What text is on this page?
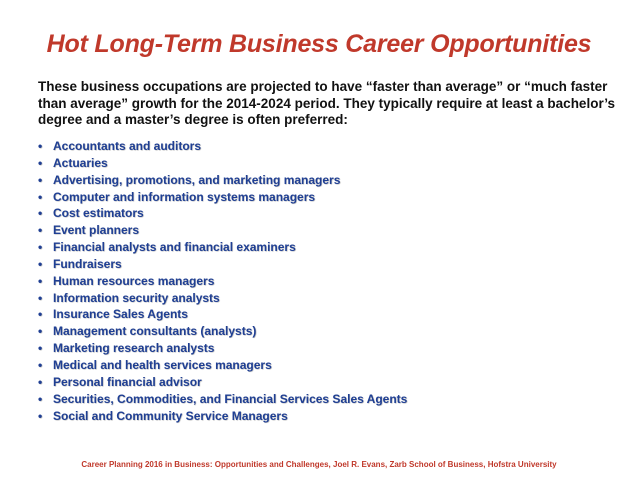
Hot Long-Term Business Career Opportunities
These business occupations are projected to have “faster than average” or “much faster than average” growth for the 2014-2024 period. They typically require at least a bachelor’s degree and a master’s degree is often preferred:
• Accountants and auditors
• Actuaries
• Advertising, promotions, and marketing managers
• Computer and information systems managers
• Cost estimators
• Event planners
• Financial analysts and financial examiners
• Fundraisers
• Human resources managers
• Information security analysts
• Insurance Sales Agents
• Management consultants (analysts)
• Marketing research analysts
• Medical and health services managers
• Personal financial advisor
• Securities, Commodities, and Financial Services Sales Agents
• Social and Community Service Managers
Career Planning 2016 in Business: Opportunities and Challenges, Joel R. Evans, Zarb School of Business, Hofstra University
